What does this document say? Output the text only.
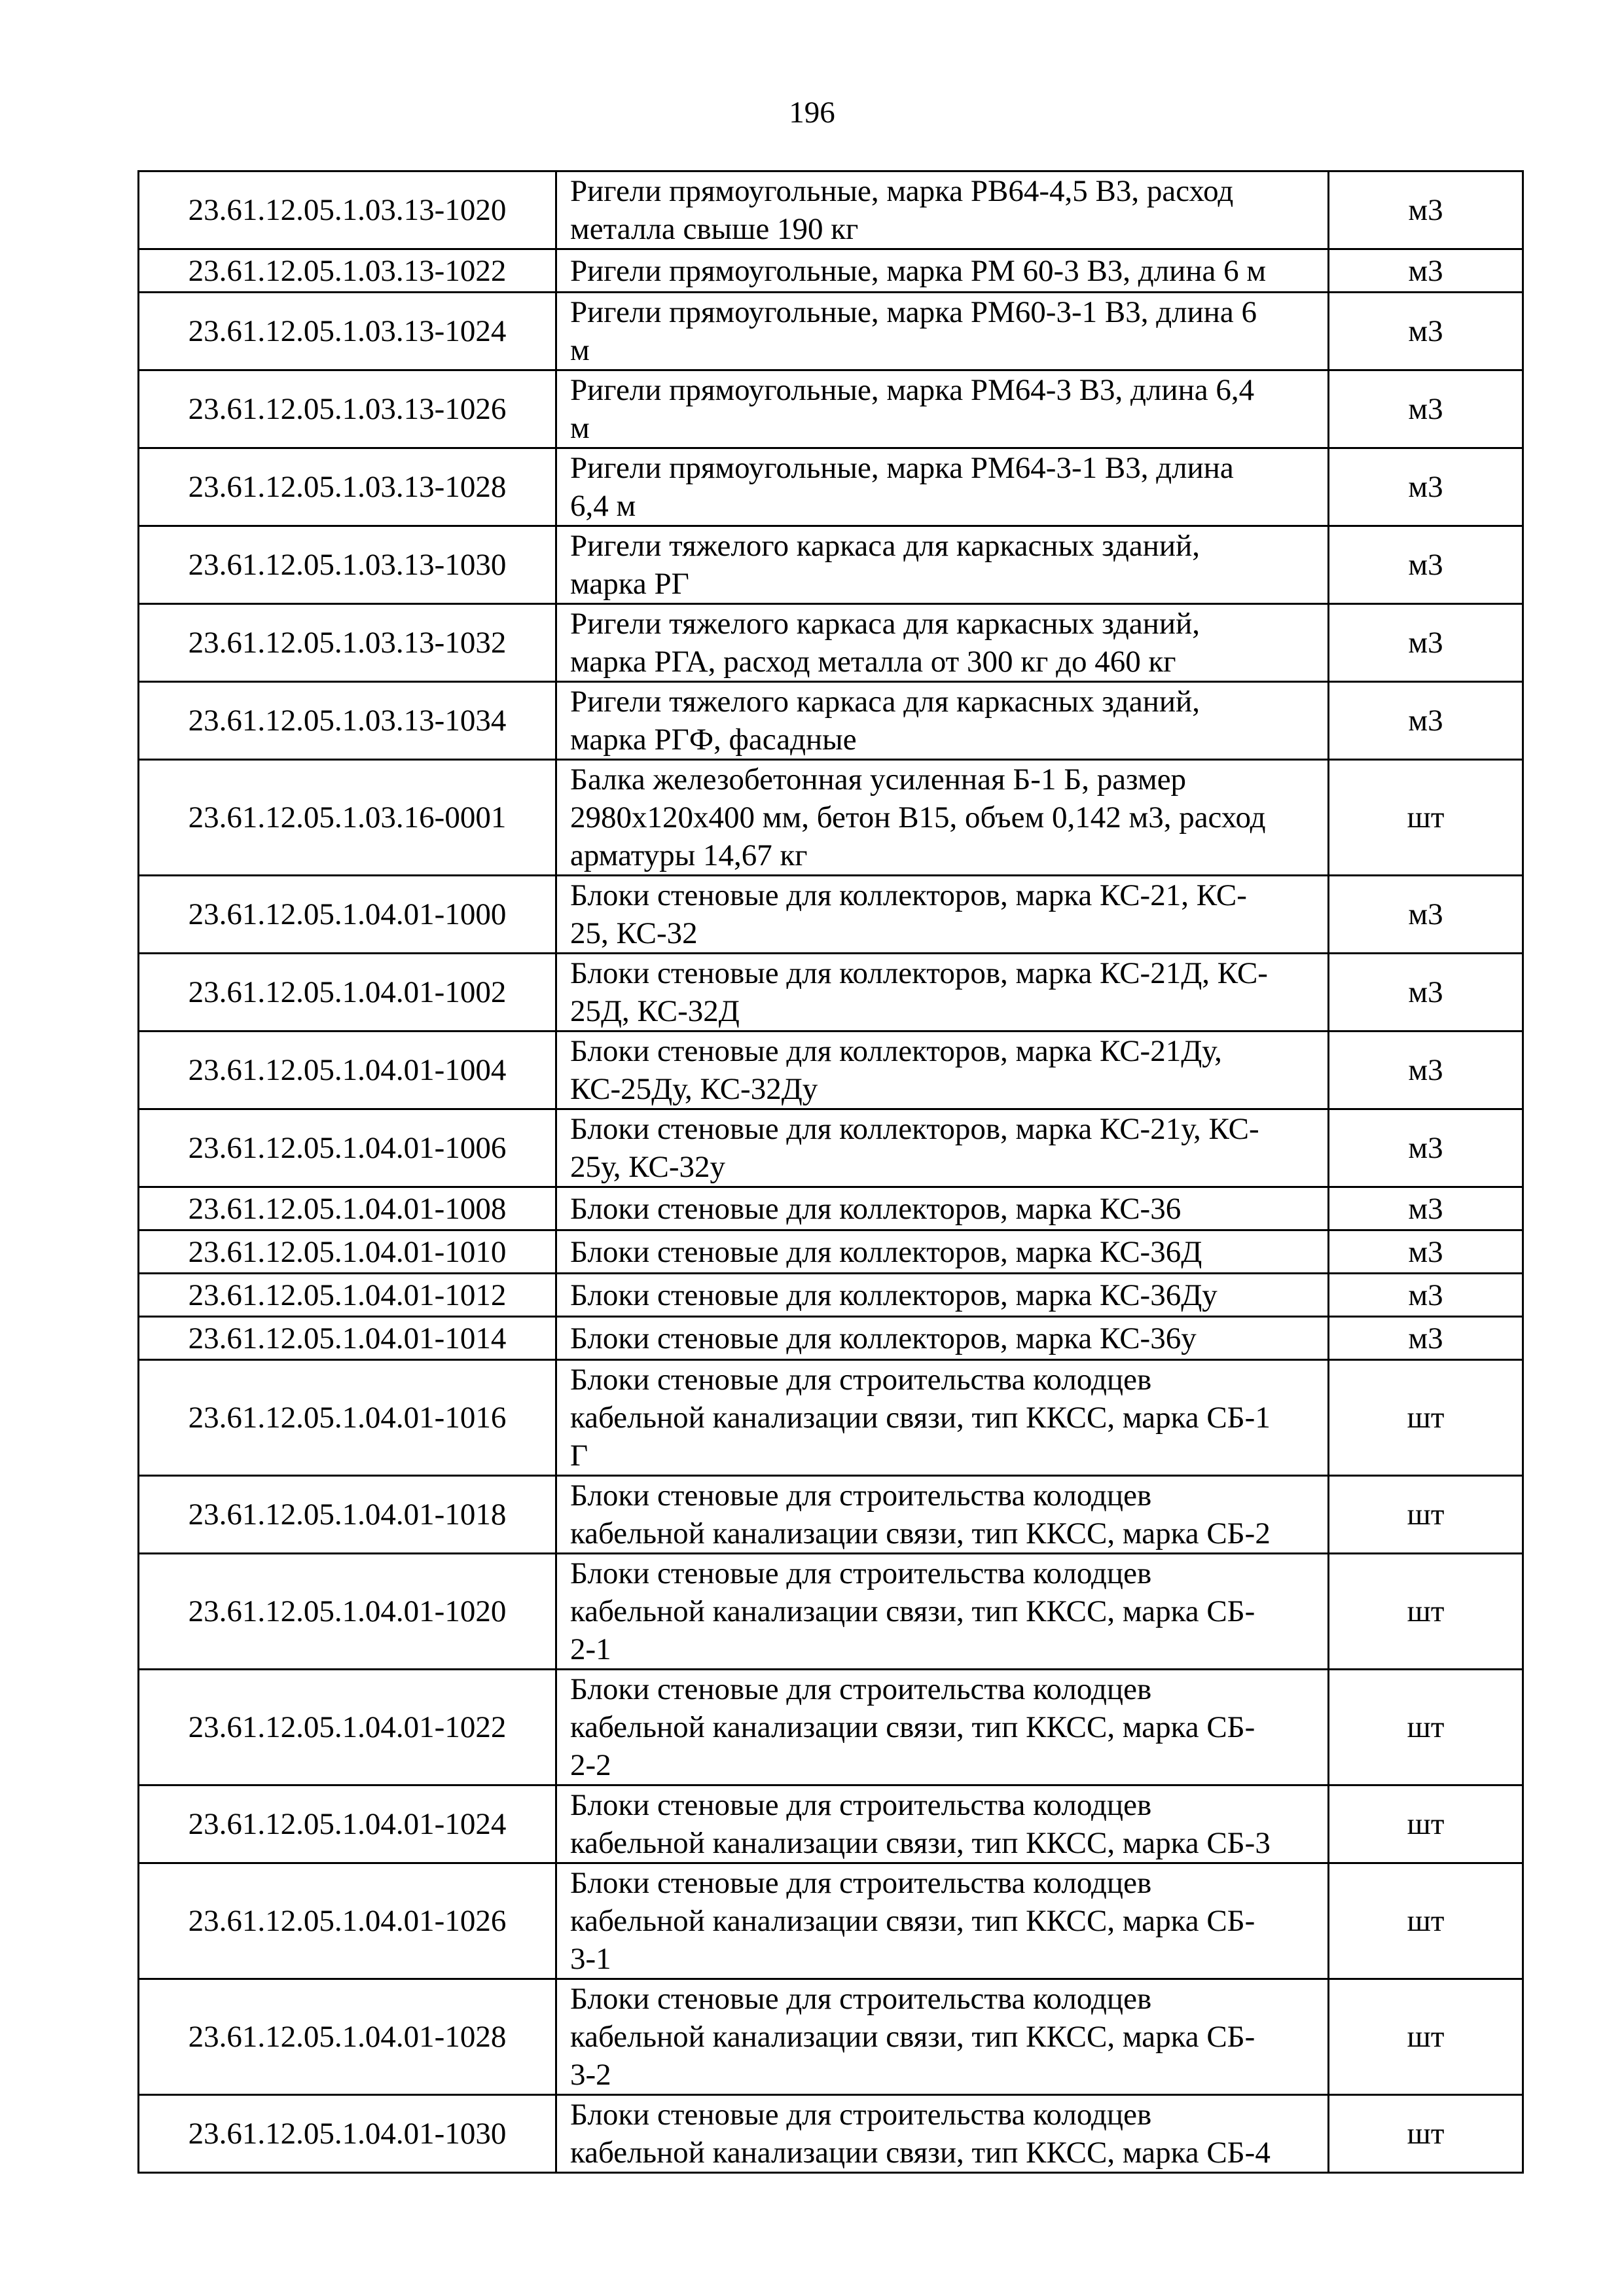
196
23.61.12.05.1.03.13-1020	Ригели прямоугольные, марка РВ64-4,5 В3, расход
металла свыше 190 кг	м3
23.61.12.05.1.03.13-1022	Ригели прямоугольные, марка РМ 60-3 В3, длина 6 м	м3
23.61.12.05.1.03.13-1024	Ригели прямоугольные, марка РМ60-3-1 В3, длина 6
м	м3
23.61.12.05.1.03.13-1026	Ригели прямоугольные, марка РМ64-3 В3, длина 6,4
м	м3
23.61.12.05.1.03.13-1028	Ригели прямоугольные, марка РМ64-3-1 В3, длина
6,4 м	м3
23.61.12.05.1.03.13-1030	Ригели тяжелого каркаса для каркасных зданий,
марка РГ	м3
23.61.12.05.1.03.13-1032	Ригели тяжелого каркаса для каркасных зданий,
марка РГА, расход металла от 300 кг до 460 кг	м3
23.61.12.05.1.03.13-1034	Ригели тяжелого каркаса для каркасных зданий,
марка РГФ, фасадные	м3
23.61.12.05.1.03.16-0001	Балка железобетонная усиленная Б-1 Б, размер
2980х120х400 мм, бетон В15, объем 0,142 м3, расход
арматуры 14,67 кг	шт
23.61.12.05.1.04.01-1000	Блоки стеновые для коллекторов, марка КС-21, КС-
25, КС-32	м3
23.61.12.05.1.04.01-1002	Блоки стеновые для коллекторов, марка КС-21Д, КС-
25Д, КС-32Д	м3
23.61.12.05.1.04.01-1004	Блоки стеновые для коллекторов, марка КС-21Ду,
КС-25Ду, КС-32Ду	м3
23.61.12.05.1.04.01-1006	Блоки стеновые для коллекторов, марка КС-21у, КС-
25у, КС-32у	м3
23.61.12.05.1.04.01-1008	Блоки стеновые для коллекторов, марка КС-36	м3
23.61.12.05.1.04.01-1010	Блоки стеновые для коллекторов, марка КС-36Д	м3
23.61.12.05.1.04.01-1012	Блоки стеновые для коллекторов, марка КС-36Ду	м3
23.61.12.05.1.04.01-1014	Блоки стеновые для коллекторов, марка КС-36у	м3
23.61.12.05.1.04.01-1016	Блоки стеновые для строительства колодцев
кабельной канализации связи, тип ККСС, марка СБ-1
Г	шт
23.61.12.05.1.04.01-1018	Блоки стеновые для строительства колодцев
кабельной канализации связи, тип ККСС, марка СБ-2	шт
23.61.12.05.1.04.01-1020	Блоки стеновые для строительства колодцев
кабельной канализации связи, тип ККСС, марка СБ-
2-1	шт
23.61.12.05.1.04.01-1022	Блоки стеновые для строительства колодцев
кабельной канализации связи, тип ККСС, марка СБ-
2-2	шт
23.61.12.05.1.04.01-1024	Блоки стеновые для строительства колодцев
кабельной канализации связи, тип ККСС, марка СБ-3	шт
23.61.12.05.1.04.01-1026	Блоки стеновые для строительства колодцев
кабельной канализации связи, тип ККСС, марка СБ-
3-1	шт
23.61.12.05.1.04.01-1028	Блоки стеновые для строительства колодцев
кабельной канализации связи, тип ККСС, марка СБ-
3-2	шт
23.61.12.05.1.04.01-1030	Блоки стеновые для строительства колодцев
кабельной канализации связи, тип ККСС, марка СБ-4	шт
